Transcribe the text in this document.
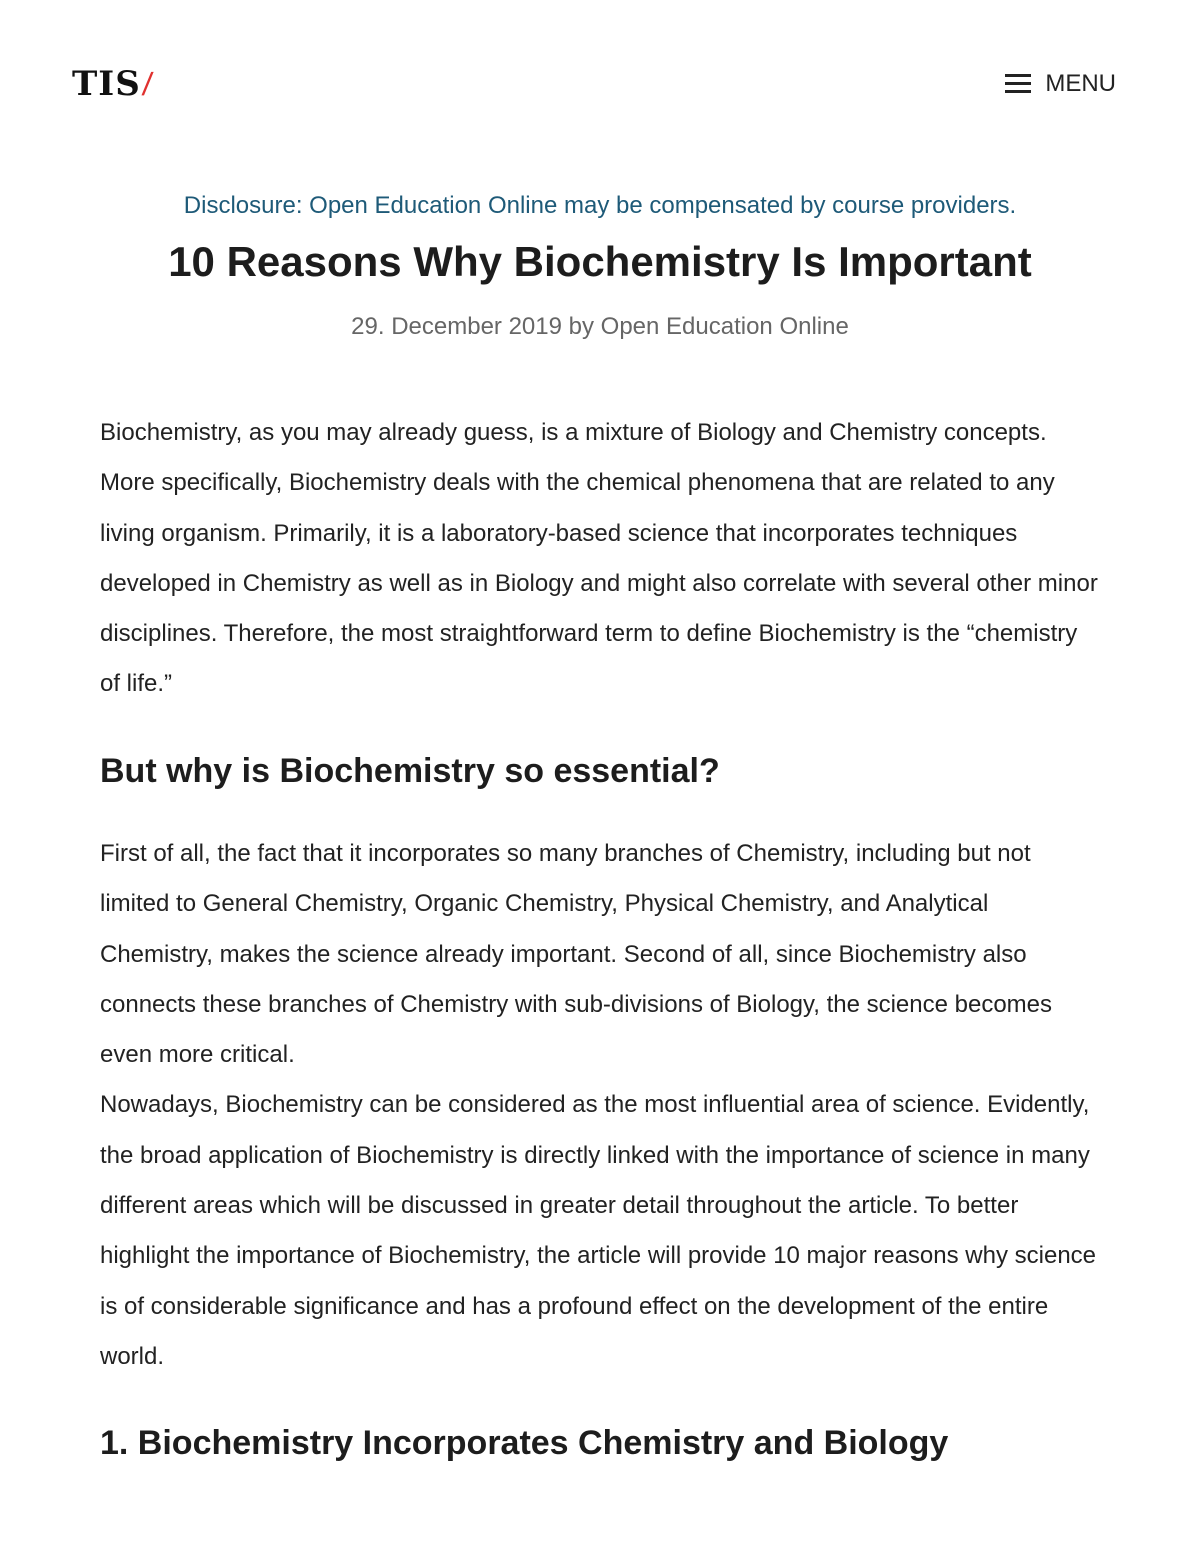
TIS /	MENU
Disclosure: Open Education Online may be compensated by course providers.
10 Reasons Why Biochemistry Is Important
29. December 2019 by Open Education Online

Biochemistry, as you may already guess, is a mixture of Biology and Chemistry concepts. More specifically, Biochemistry deals with the chemical phenomena that are related to any living organism. Primarily, it is a laboratory-based science that incorporates techniques developed in Chemistry as well as in Biology and might also correlate with several other minor disciplines. Therefore, the most straightforward term to define Biochemistry is the “chemistry of life.”

But why is Biochemistry so essential?

First of all, the fact that it incorporates so many branches of Chemistry, including but not limited to General Chemistry, Organic Chemistry, Physical Chemistry, and Analytical Chemistry, makes the science already important. Second of all, since Biochemistry also connects these branches of Chemistry with sub-divisions of Biology, the science becomes even more critical.

Nowadays, Biochemistry can be considered as the most influential area of science. Evidently, the broad application of Biochemistry is directly linked with the importance of science in many different areas which will be discussed in greater detail throughout the article. To better highlight the importance of Biochemistry, the article will provide 10 major reasons why science is of considerable significance and has a profound effect on the development of the entire world.

1. Biochemistry Incorporates Chemistry and Biology
